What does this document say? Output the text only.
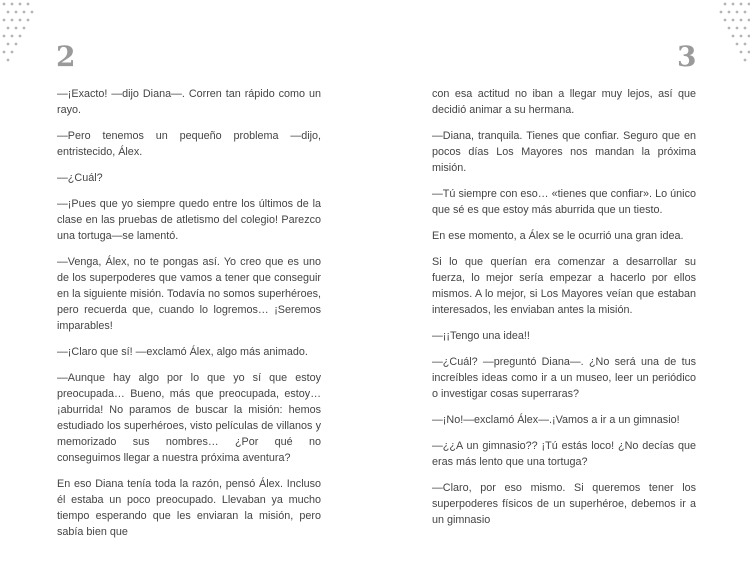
2

—¡Exacto! —dijo Diana—. Corren tan rápido como un rayo.

—Pero tenemos un pequeño problema —dijo, entristecido, Álex.

—¿Cuál?

—¡Pues que yo siempre quedo entre los últimos de la clase en las pruebas de atletismo del colegio! Parezco una tortuga—se lamentó.

—Venga, Álex, no te pongas así. Yo creo que es uno de los superpoderes que vamos a tener que conseguir en la siguiente misión. Todavía no somos superhéroes, pero recuerda que, cuando lo logremos… ¡Seremos imparables!

—¡Claro que sí! —exclamó Álex, algo más animado.

—Aunque hay algo por lo que yo sí que estoy preocupada… Bueno, más que preocupada, estoy… ¡aburrida! No paramos de buscar la misión: hemos estudiado los superhéroes, visto películas de villanos y memorizado sus nombres… ¿Por qué no conseguimos llegar a nuestra próxima aventura?

En eso Diana tenía toda la razón, pensó Álex. Incluso él estaba un poco preocupado. Llevaban ya mucho tiempo esperando que les enviaran la misión, pero sabía bien que

3

con esa actitud no iban a llegar muy lejos, así que decidió animar a su hermana.

—Diana, tranquila. Tienes que confiar. Seguro que en pocos días Los Mayores nos mandan la próxima misión.

—Tú siempre con eso… «tienes que confiar». Lo único que sé es que estoy más aburrida que un tiesto.

En ese momento, a Álex se le ocurrió una gran idea.

Si lo que querían era comenzar a desarrollar su fuerza, lo mejor sería empezar a hacerlo por ellos mismos. A lo mejor, si Los Mayores veían que estaban interesados, les enviaban antes la misión.

—¡¡Tengo una idea!!

—¿Cuál? —preguntó Diana—. ¿No será una de tus increíbles ideas como ir a un museo, leer un periódico o investigar cosas superraras?

—¡No!—exclamó Álex—.¡Vamos a ir a un gimnasio!

—¿¿A un gimnasio?? ¡Tú estás loco! ¿No decías que eras más lento que una tortuga?

—Claro, por eso mismo. Si queremos tener los superpoderes físicos de un superhéroe, debemos ir a un gimnasio
